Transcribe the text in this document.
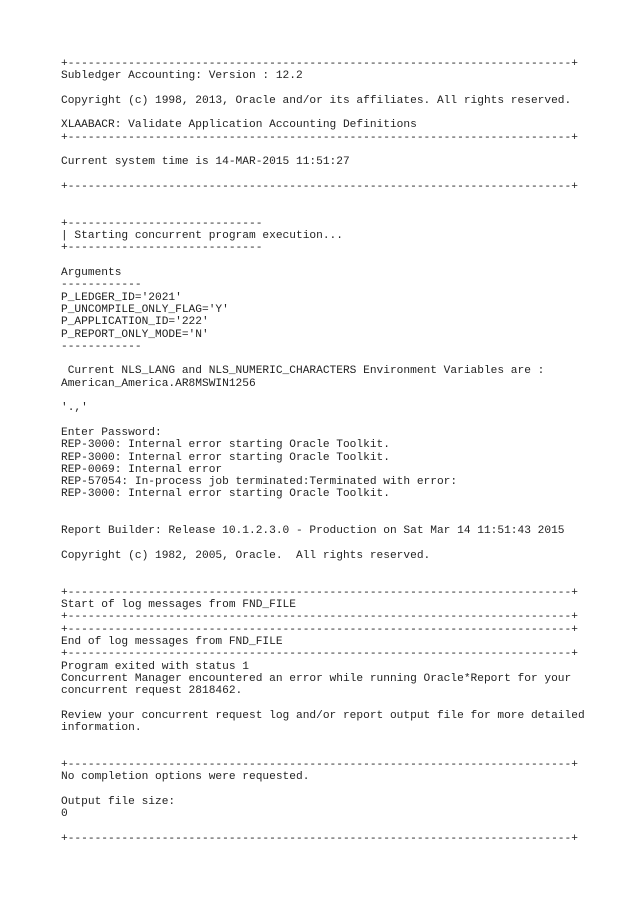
+---------------------------------------------------------------------------+
Subledger Accounting: Version : 12.2
Copyright (c) 1998, 2013, Oracle and/or its affiliates. All rights reserved.
XLAABACR: Validate Application Accounting Definitions
+---------------------------------------------------------------------------+
Current system time is 14-MAR-2015 11:51:27
+---------------------------------------------------------------------------+
+-----------------------------
| Starting concurrent program execution...
+-----------------------------
Arguments
------------
P_LEDGER_ID='2021'
P_UNCOMPILE_ONLY_FLAG='Y'
P_APPLICATION_ID='222'
P_REPORT_ONLY_MODE='N'
------------
Current NLS_LANG and NLS_NUMERIC_CHARACTERS Environment Variables are :
American_America.AR8MSWIN1256
'.,'
Enter Password:
REP-3000: Internal error starting Oracle Toolkit.
REP-3000: Internal error starting Oracle Toolkit.
REP-0069: Internal error
REP-57054: In-process job terminated:Terminated with error:
REP-3000: Internal error starting Oracle Toolkit.
Report Builder: Release 10.1.2.3.0 - Production on Sat Mar 14 11:51:43 2015
Copyright (c) 1982, 2005, Oracle.  All rights reserved.
+---------------------------------------------------------------------------+
Start of log messages from FND_FILE
+---------------------------------------------------------------------------+
+---------------------------------------------------------------------------+
End of log messages from FND_FILE
+---------------------------------------------------------------------------+
Program exited with status 1
Concurrent Manager encountered an error while running Oracle*Report for your
concurrent request 2818462.
Review your concurrent request log and/or report output file for more detailed
information.
+---------------------------------------------------------------------------+
No completion options were requested.
Output file size:
0
+---------------------------------------------------------------------------+
